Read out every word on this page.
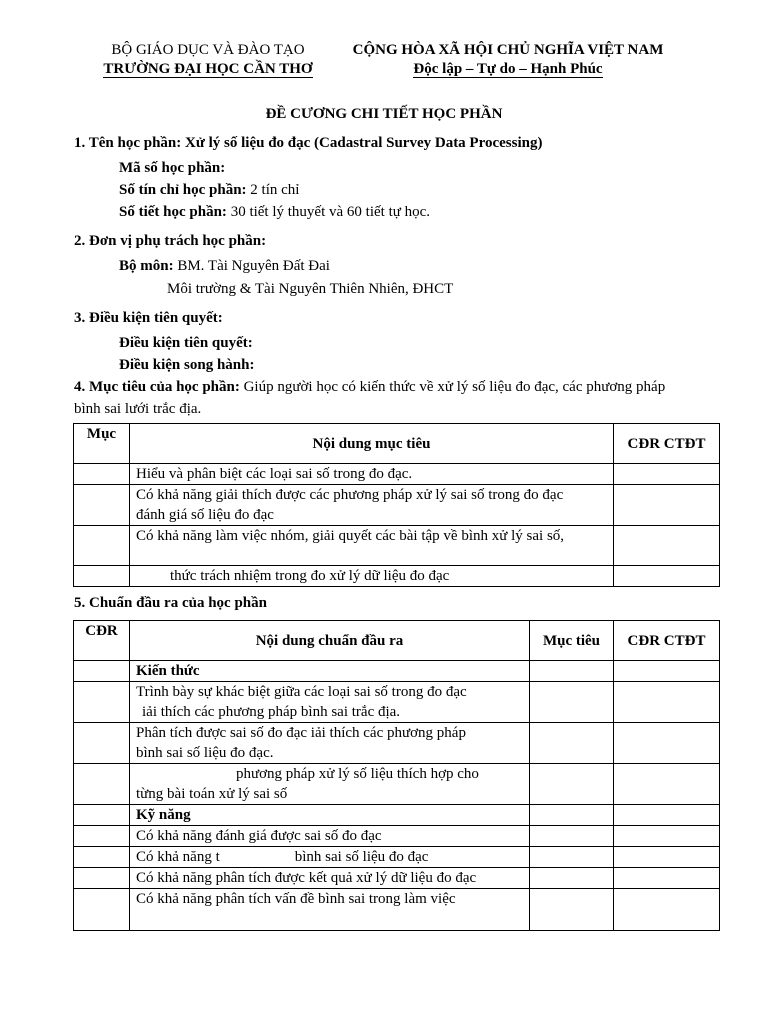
BỘ GIÁO DỤC VÀ ĐÀO TẠO
TRƯỜNG ĐẠI HỌC CẦN THƠ
CỘNG HÒA XÃ HỘI CHỦ NGHĨA VIỆT NAM
Độc lập – Tự do – Hạnh Phúc
ĐỀ CƯƠNG CHI TIẾT HỌC PHẦN
1. Tên học phần: Xử lý số liệu đo đạc (Cadastral Survey Data Processing)
Mã số học phần:
Số tín chỉ học phần: 2 tín chỉ
Số tiết học phần: 30 tiết lý thuyết và 60 tiết tự học.
2. Đơn vị phụ trách học phần:
Bộ môn: BM. Tài Nguyên Đất Đai
Môi trường & Tài Nguyên Thiên Nhiên, ĐHCT
3. Điều kiện tiên quyết:
Điều kiện tiên quyết:
Điều kiện song hành:
4. Mục tiêu của học phần: Giúp người học có kiến thức về xử lý số liệu đo đạc, các phương pháp
bình sai lưới trắc địa.
Mục	Nội dung mục tiêu	CĐR CTĐT
	Hiểu và phân biệt các loại sai số trong đo đạc.	

	Có khả năng giải thích được các phương pháp xử lý sai số trong đo đạc
đánh giá số liệu đo đạc	

	Có khả năng làm việc nhóm, giải quyết các bài tập về bình xử lý sai số,	
	thức trách nhiệm trong đo xử lý dữ liệu đo đạc	
5. Chuẩn đầu ra của học phần
CĐR	Nội dung chuẩn đầu ra	Mục tiêu	CĐR CTĐT
	Kiến thức		

	Trình bày sự khác biệt giữa các loại sai số trong đo đạc
iải thích các phương pháp bình sai trắc địa.		

	Phân tích được sai số đo đạc iải thích các phương pháp
bình sai số liệu đo đạc.		

	phương pháp xử lý số liệu thích hợp cho
từng bài toán xử lý sai số		

	Kỹ năng		
	Có khả năng đánh giá được sai số đo đạc		
	Có khả năng t                    bình sai số liệu đo đạc		
	Có khả năng phân tích được kết quả xử lý dữ liệu đo đạc		
	Có khả năng phân tích vấn đề bình sai trong làm việc		
